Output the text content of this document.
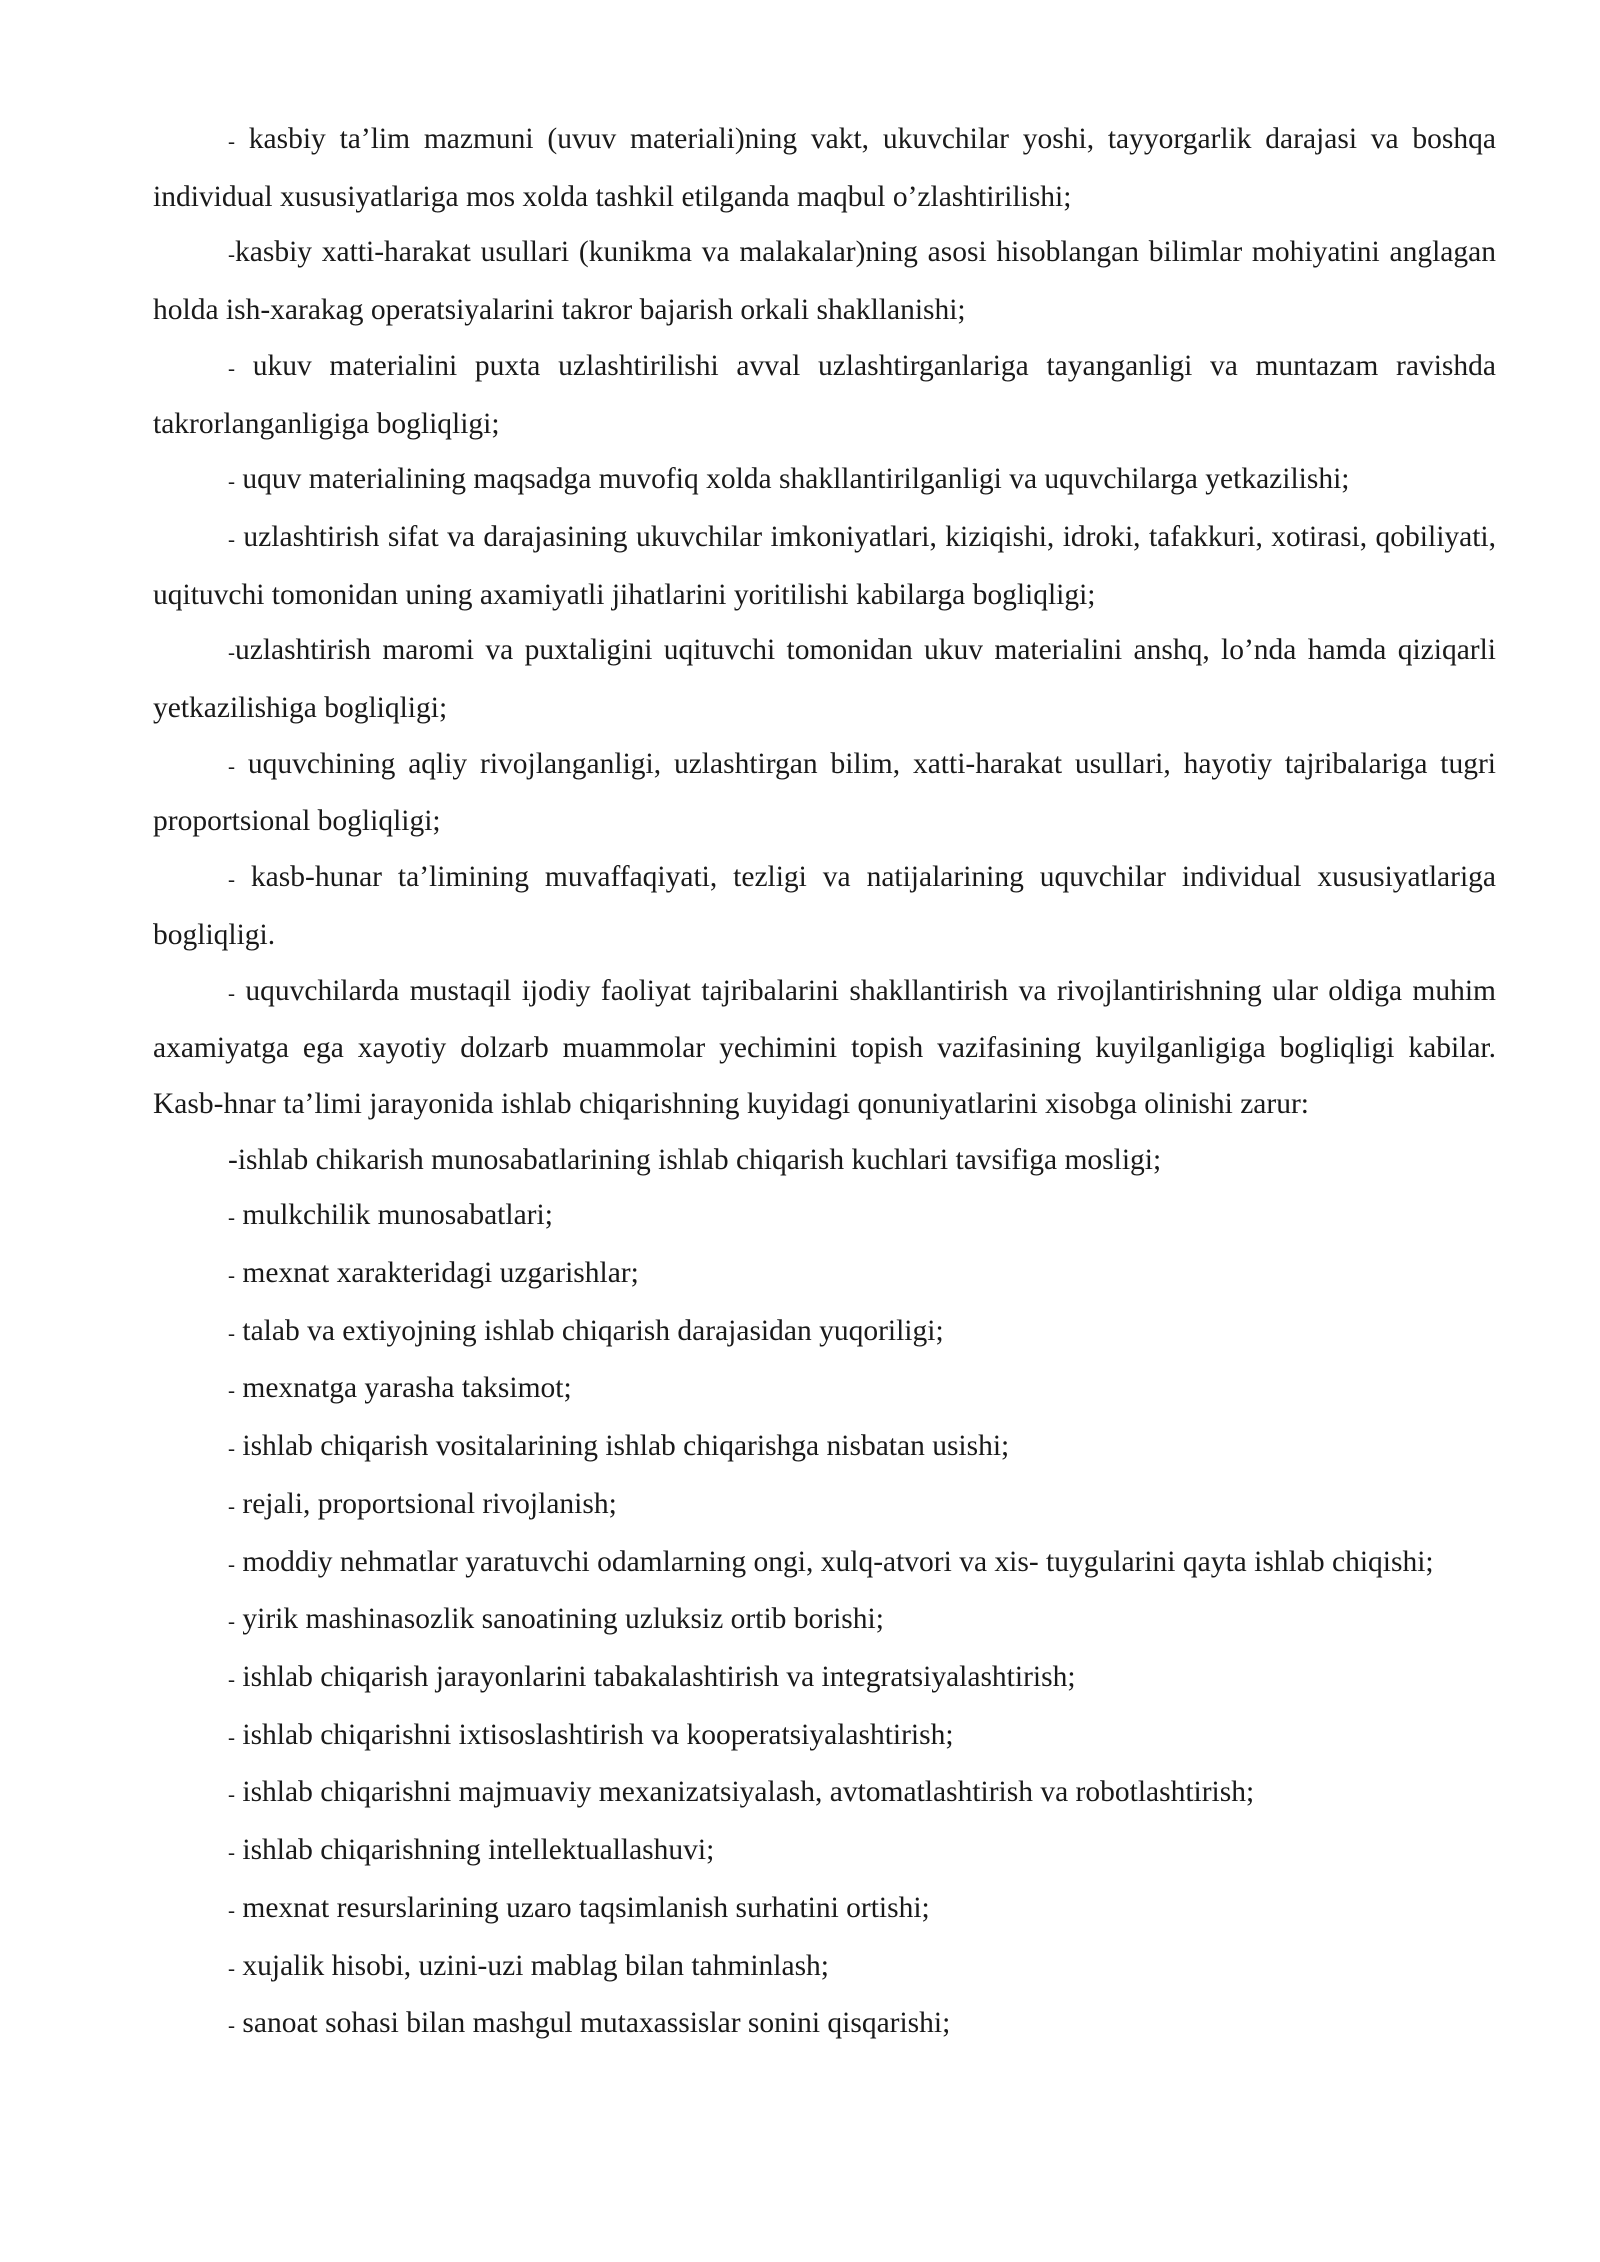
- kasbiy ta’lim mazmuni (uvuv materiali)ning vakt, ukuvchilar yoshi, tayyorgarlik darajasi va boshqa individual xususiyatlariga mos xolda tashkil etilganda maqbul o’zlashtirilishi;

-kasbiy xatti-harakat usullari (kunikma va malakalar)ning asosi hisoblangan bilimlar mohiyatini anglagan holda ish-xarakag operatsiyalarini takror bajarish orkali shakllanishi;

- ukuv materialini puxta uzlashtirilishi avval uzlashtirganlariga tayanganligi va muntazam ravishda takrorlanganligiga bogliqligi;

- uquv materialining maqsadga muvofiq xolda shakllantirilganligi va uquvchilarga yetkazilishi;

- uzlashtirish sifat va darajasining ukuvchilar imkoniyatlari, kiziqishi, idroki, tafakkuri, xotirasi, qobiliyati, uqituvchi tomonidan uning axamiyatli jihatlarini yoritilishi kabilarga bogliqligi;

-uzlashtirish maromi va puxtaligini uqituvchi tomonidan ukuv materialini anshq, lo’nda hamda qiziqarli yetkazilishiga bogliqligi;

- uquvchining aqliy rivojlanganligi, uzlashtirgan bilim, xatti-harakat usullari, hayotiy tajribalariga tugri proportsional bogliqligi;

- kasb-hunar ta’limining muvaffaqiyati, tezligi va natijalarining uquvchilar individual xususiyatlariga bogliqligi.

- uquvchilarda mustaqil ijodiy faoliyat tajribalarini shakllantirish va rivojlantirishning ular oldiga muhim axamiyatga ega xayotiy dolzarb muammolar yechimini topish vazifasining kuyilganligiga bogliqligi kabilar. Kasb-hnar ta’limi jarayonida ishlab chiqarishning kuyidagi qonuniyatlarini xisobga olinishi zarur:

-ishlab chikarish munosabatlarining ishlab chiqarish kuchlari tavsifiga mosligi;

- mulkchilik munosabatlari;

- mexnat xarakteridagi uzgarishlar;

- talab va extiyojning ishlab chiqarish darajasidan yuqoriligi;

- mexnatga yarasha taksimot;

- ishlab chiqarish vositalarining ishlab chiqarishga nisbatan usishi;

- rejali, proportsional rivojlanish;

- moddiy nehmatlar yaratuvchi odamlarning ongi, xulq-atvori va xis- tuygularini qayta ishlab chiqishi;

- yirik mashinasozlik sanoatining uzluksiz ortib borishi;

- ishlab chiqarish jarayonlarini tabakalashtirish va integratsiyalashtirish;

- ishlab chiqarishni ixtisoslashtirish va kooperatsiyalashtirish;

- ishlab chiqarishni majmuaviy mexanizatsiyalash, avtomatlashtirish va robotlashtirish;

- ishlab chiqarishning intellektuallashuvi;

- mexnat resurslarining uzaro taqsimlanish surhatini ortishi;

- xujalik hisobi, uzini-uzi mablag bilan tahminlash;

- sanoat sohasi bilan mashgul mutaxassislar sonini qisqarishi;
